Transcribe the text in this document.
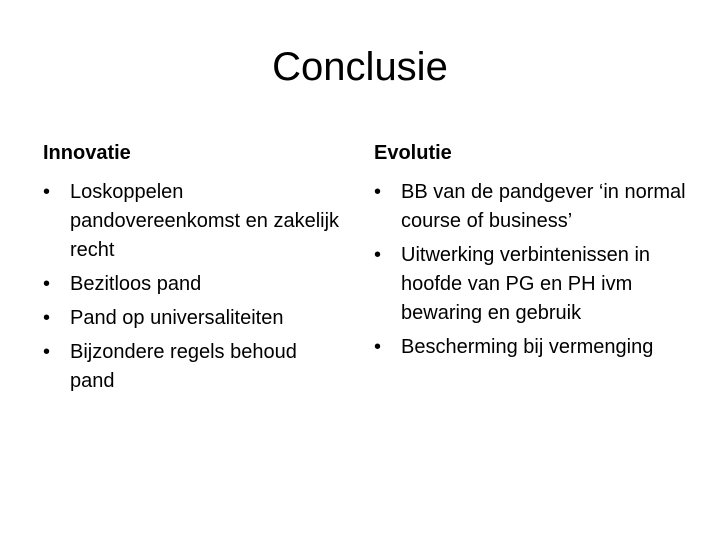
Conclusie
Innovatie
• Loskoppelen pandovereenkomst en zakelijk recht
• Bezitloos pand
• Pand op universaliteiten
• Bijzondere regels behoud pand
Evolutie
• BB van de pandgever ‘in normal course of business’
• Uitwerking verbintenissen in hoofde van PG en PH ivm bewaring en gebruik
• Bescherming bij vermenging
